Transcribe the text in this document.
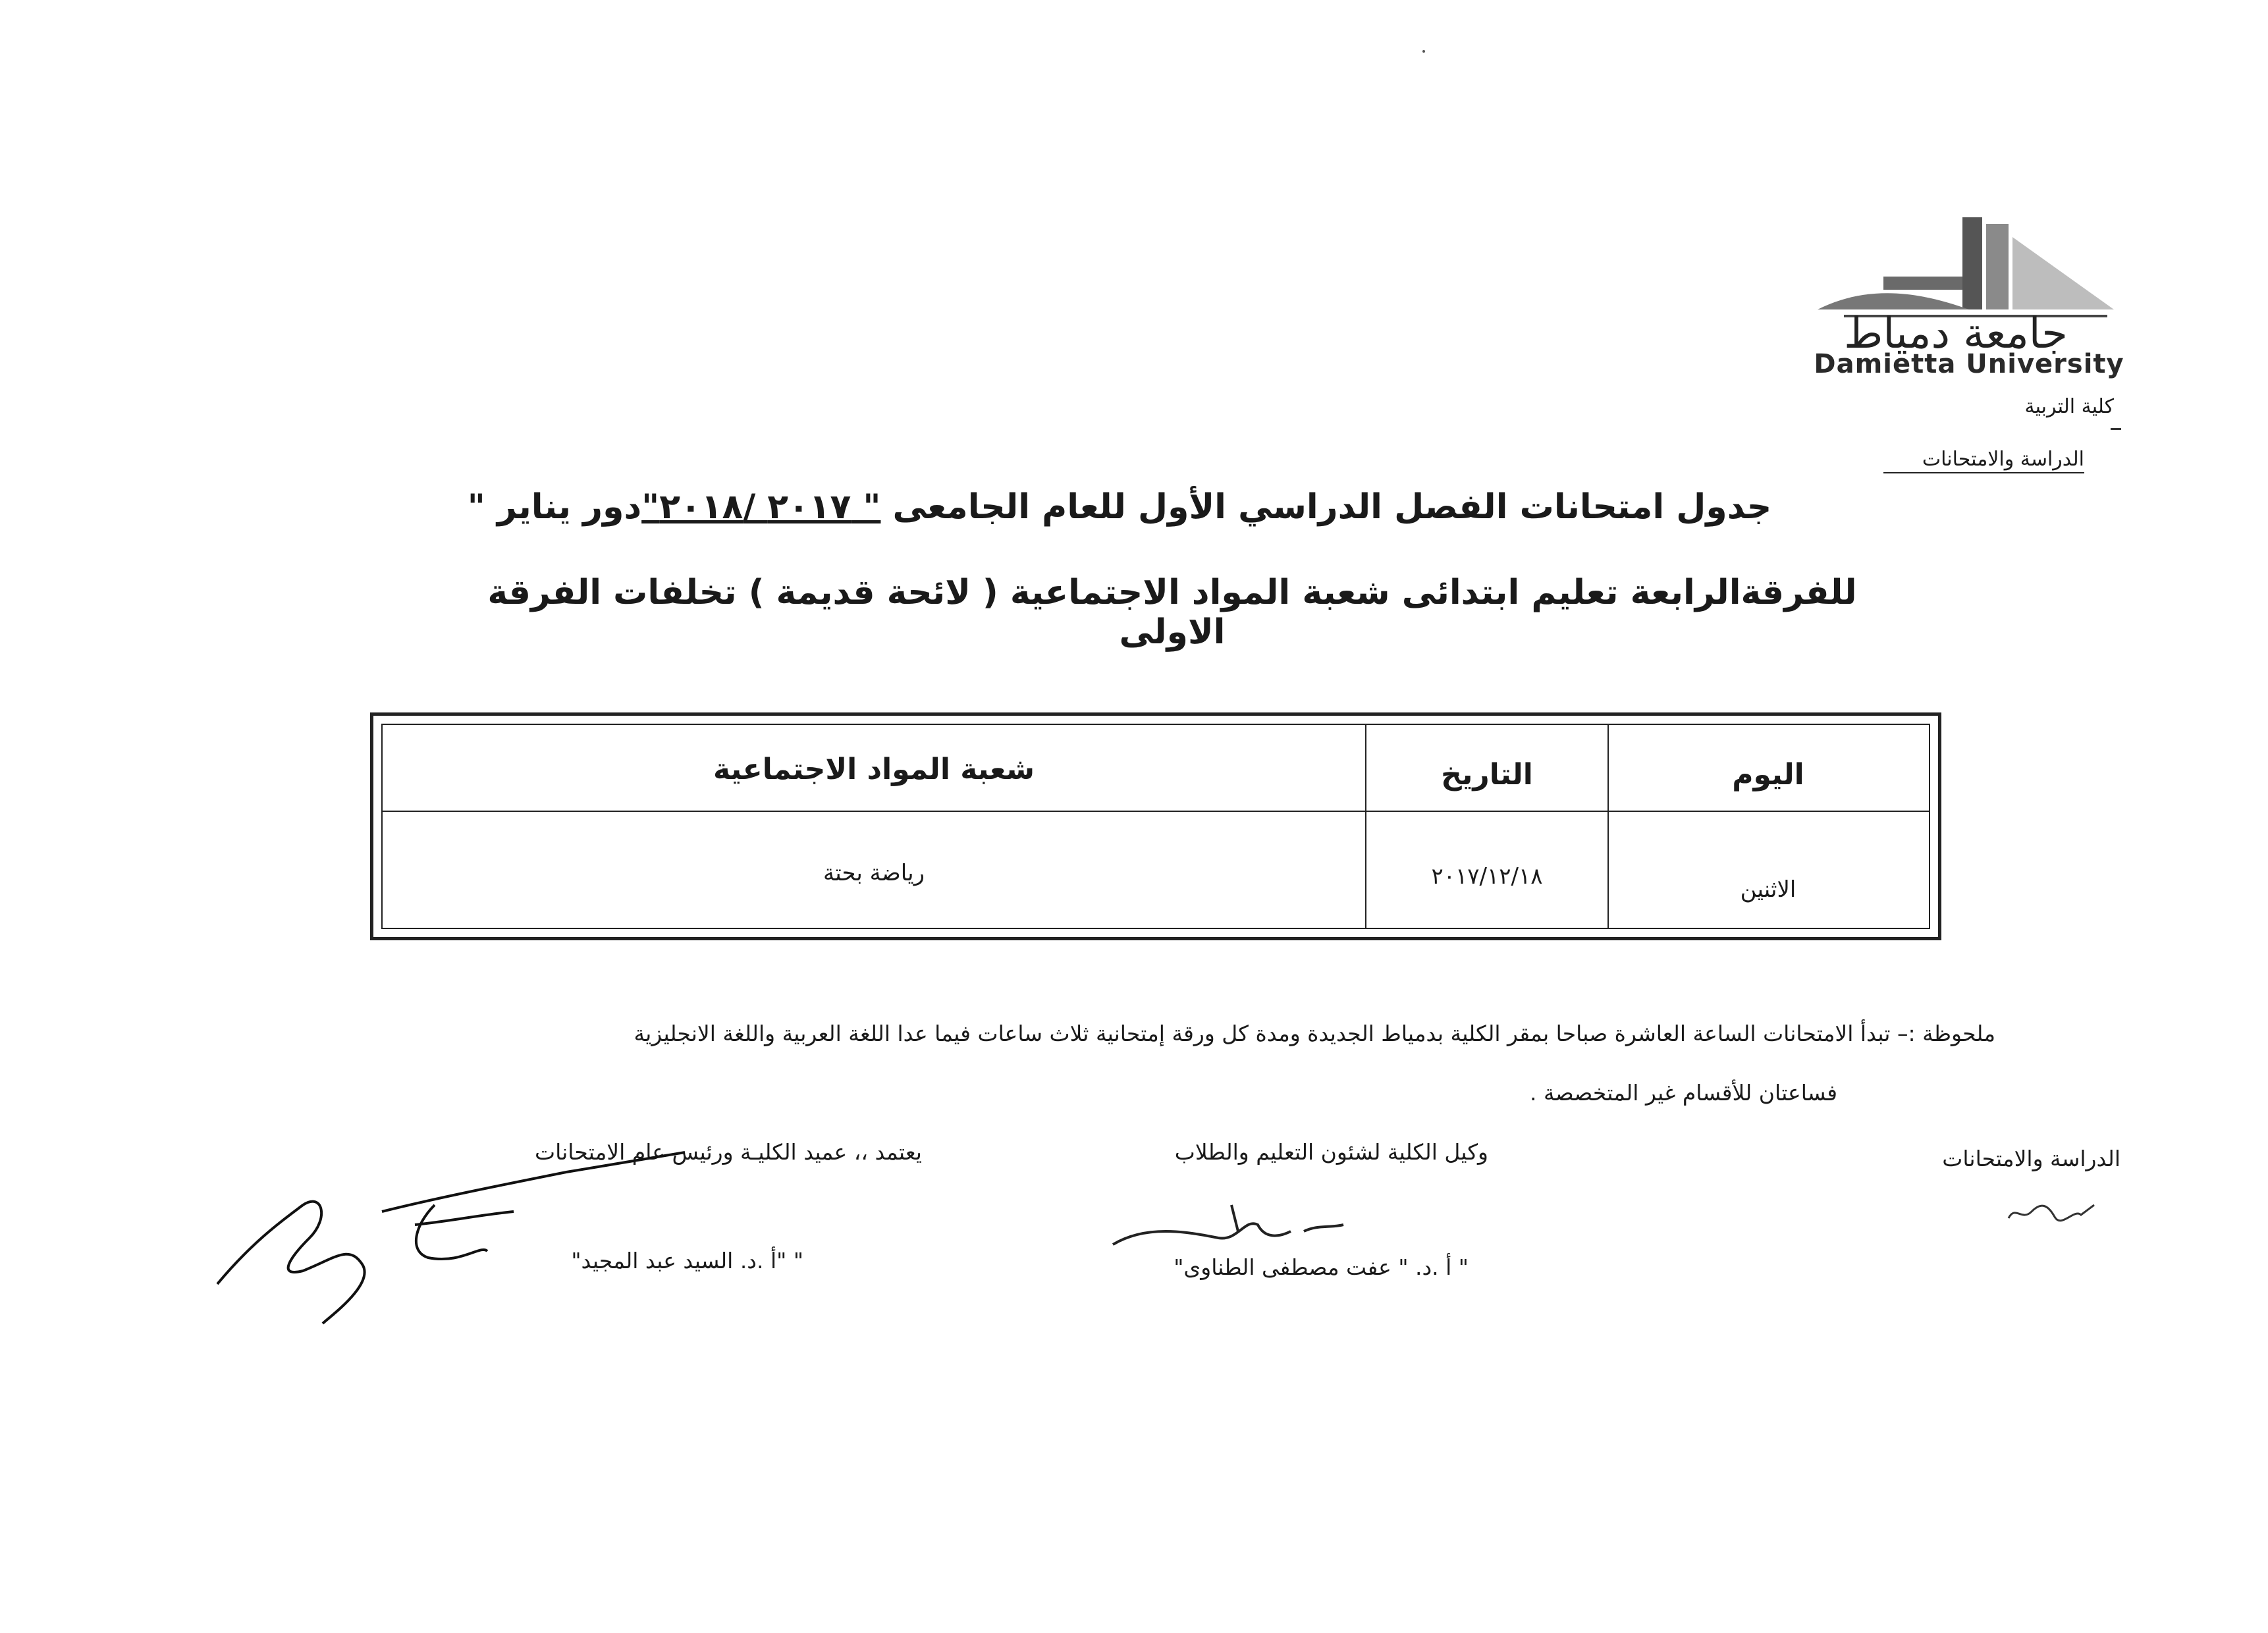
جامعة دمياط
Damietta University
كلية التربية
الدراسة والامتحانات
جدول امتحانات الفصل الدراسي الأول للعام الجامعى " ٢٠١٧ /٢٠١٨"دور يناير "
للفرقةالرابعة تعليم ابتدائى شعبة المواد الاجتماعية ( لائحة قديمة ) تخلفات الفرقة الاولى
اليوم
التاريخ
شعبة المواد الاجتماعية
الاثنين
٢٠١٧/١٢/١٨
رياضة بحتة
ملحوظة :– تبدأ الامتحانات الساعة العاشرة صباحا بمقر الكلية بدمياط الجديدة ومدة كل ورقة إمتحانية ثلاث ساعات فيما عدا اللغة العربية واللغة الانجليزية
فساعتان للأقسام غير المتخصصة .
الدراسة والامتحانات
وكيل الكلية لشئون التعليم والطلاب
" أ .د. " عفت مصطفى الطناوى"
يعتمد ،، عميد الكليـة ورئيس عام الامتحانات
" "أ .د. السيد عبد المجيد"
